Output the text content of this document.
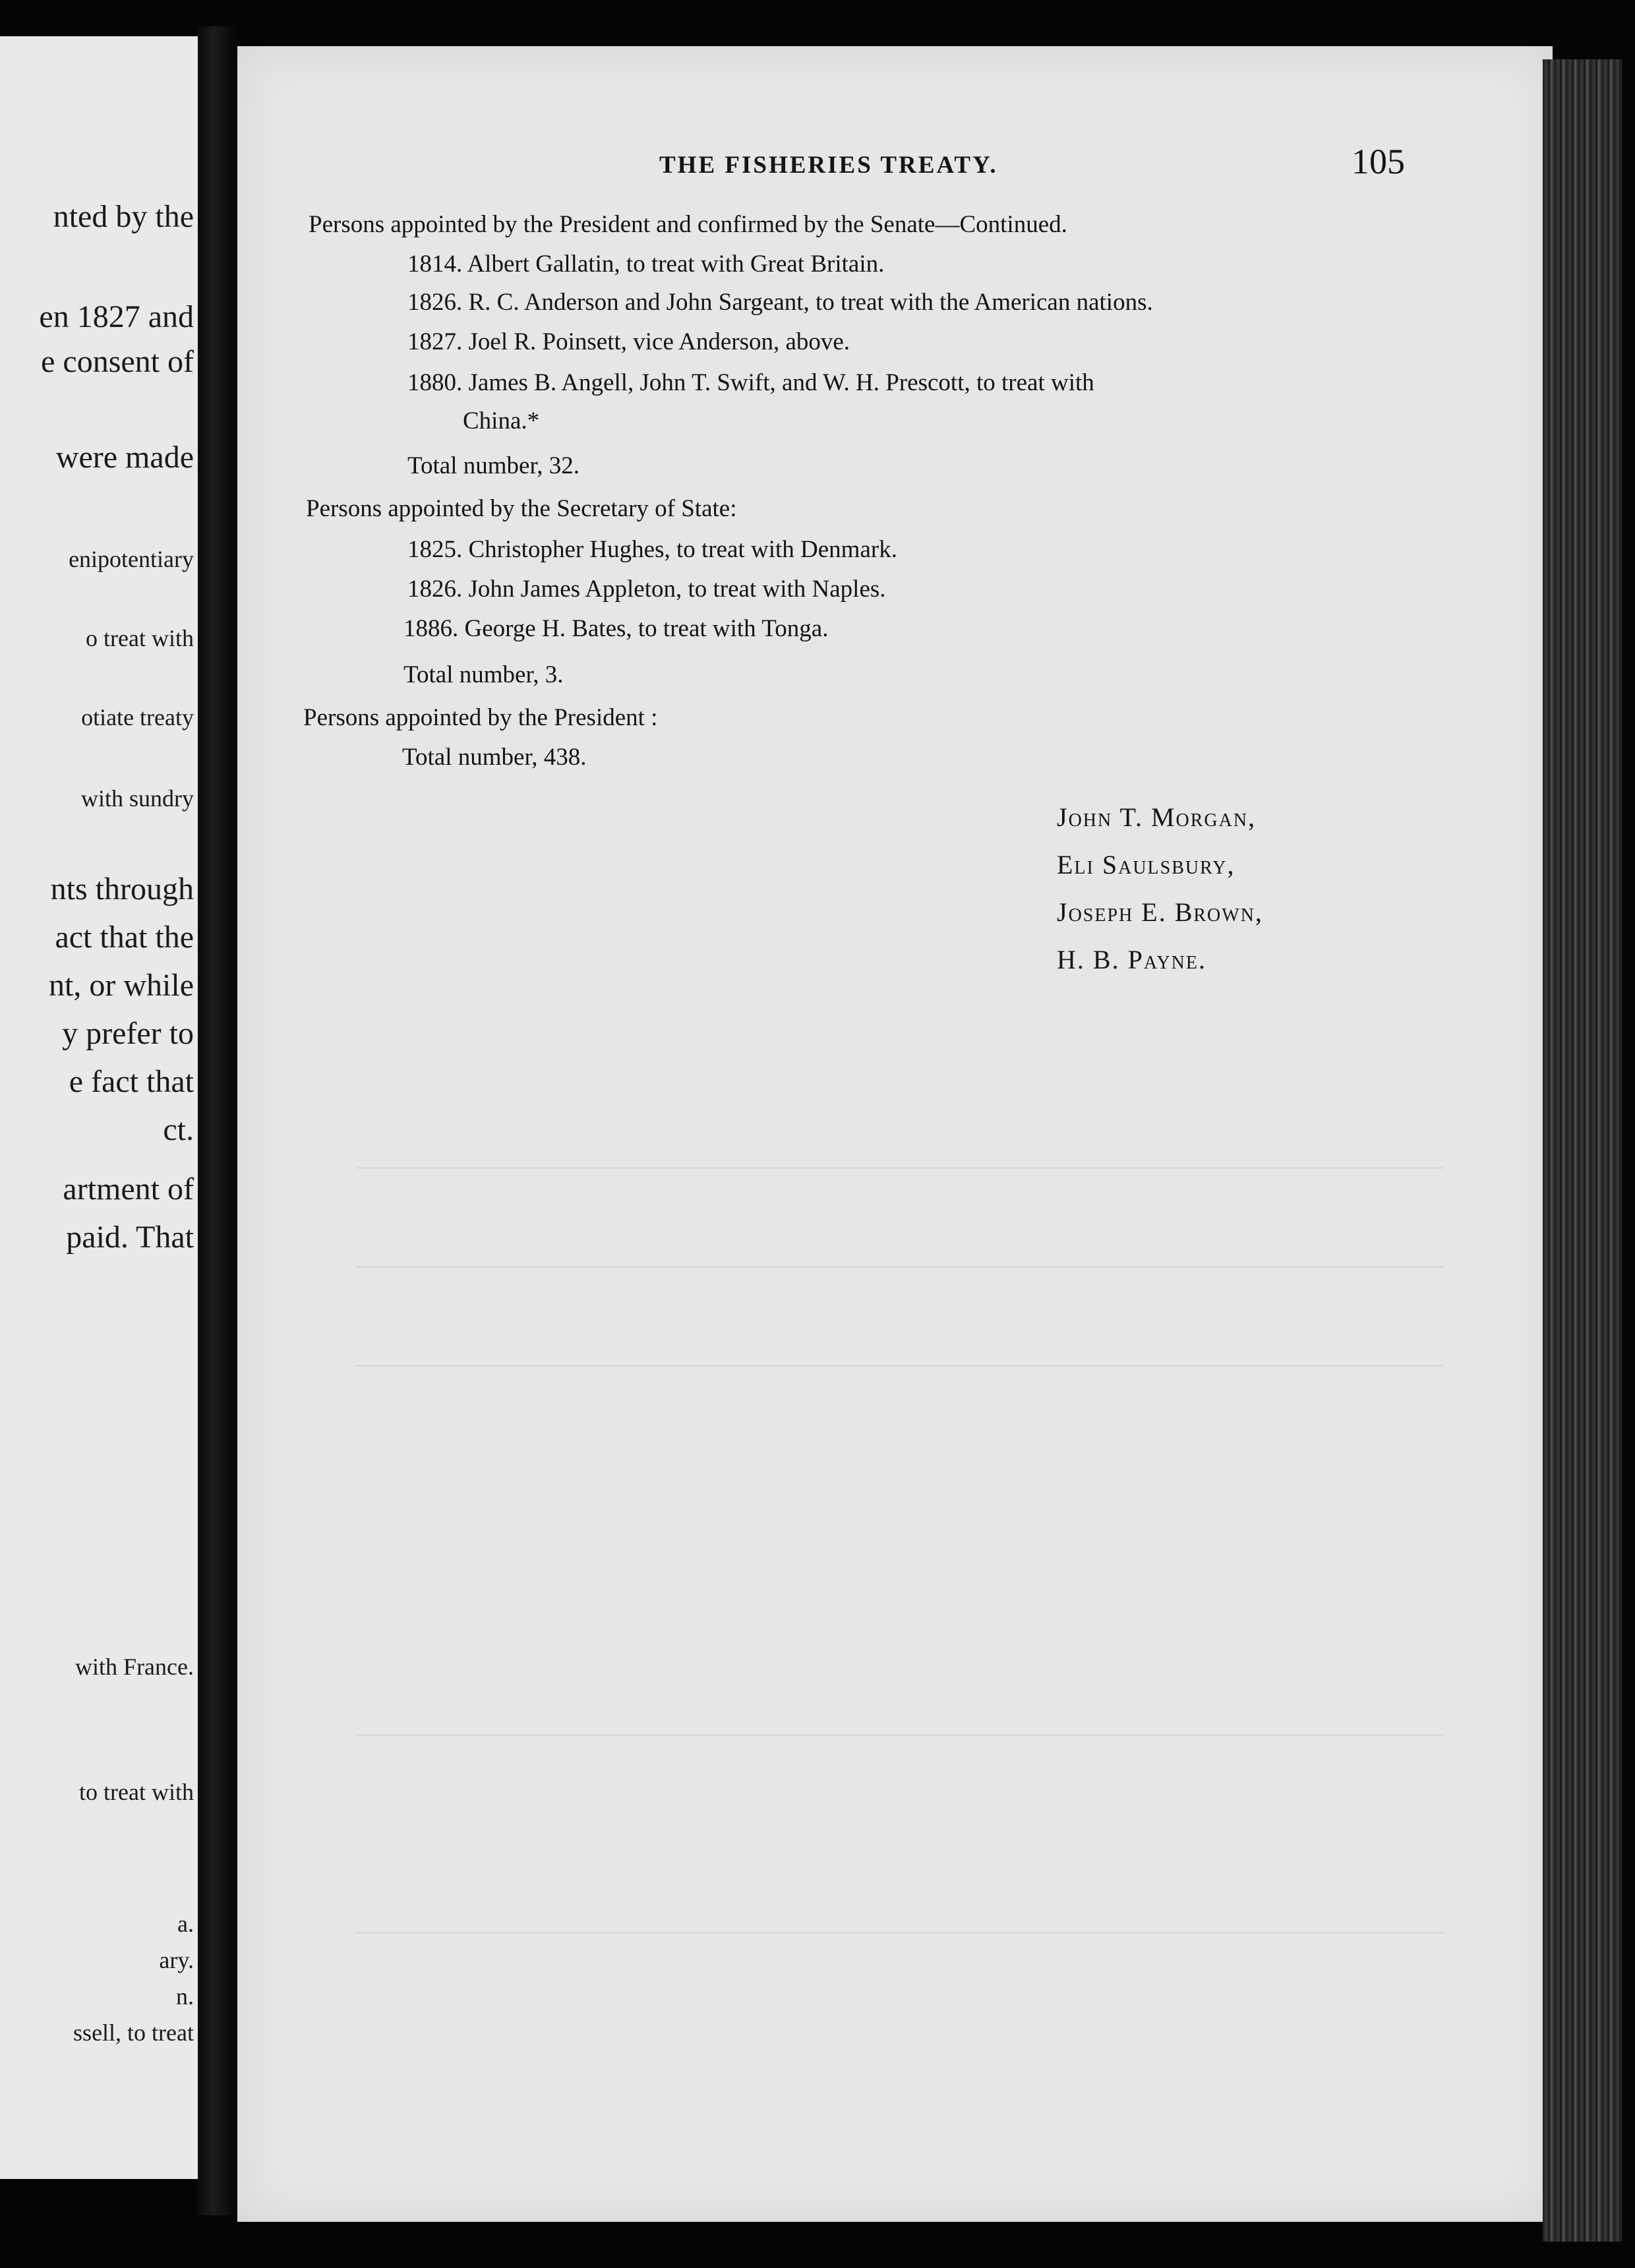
nted by the
en 1827 and
e consent of
were made
enipotentiary
o treat with
otiate treaty
with sundry
nts through
act that the
nt, or while
y prefer to
e fact that
ct.
artment of
paid. That
with France.
to treat with
a.
ary.
n.
ssell, to treat
THE FISHERIES TREATY.	105
Persons appointed by the President and confirmed by the Senate—Continued.
1814. Albert Gallatin, to treat with Great Britain.
1826. R. C. Anderson and John Sargeant, to treat with the American nations.
1827. Joel R. Poinsett, vice Anderson, above.
1880. James B. Angell, John T. Swift, and W. H. Prescott, to treat with
China.*
Total number, 32.
Persons appointed by the Secretary of State:
1825. Christopher Hughes, to treat with Denmark.
1826. John James Appleton, to treat with Naples.
1886. George H. Bates, to treat with Tonga.
Total number, 3.
Persons appointed by the President :
Total number, 438.
John T. Morgan,
Eli Saulsbury,
Joseph E. Brown,
H. B. Payne.
